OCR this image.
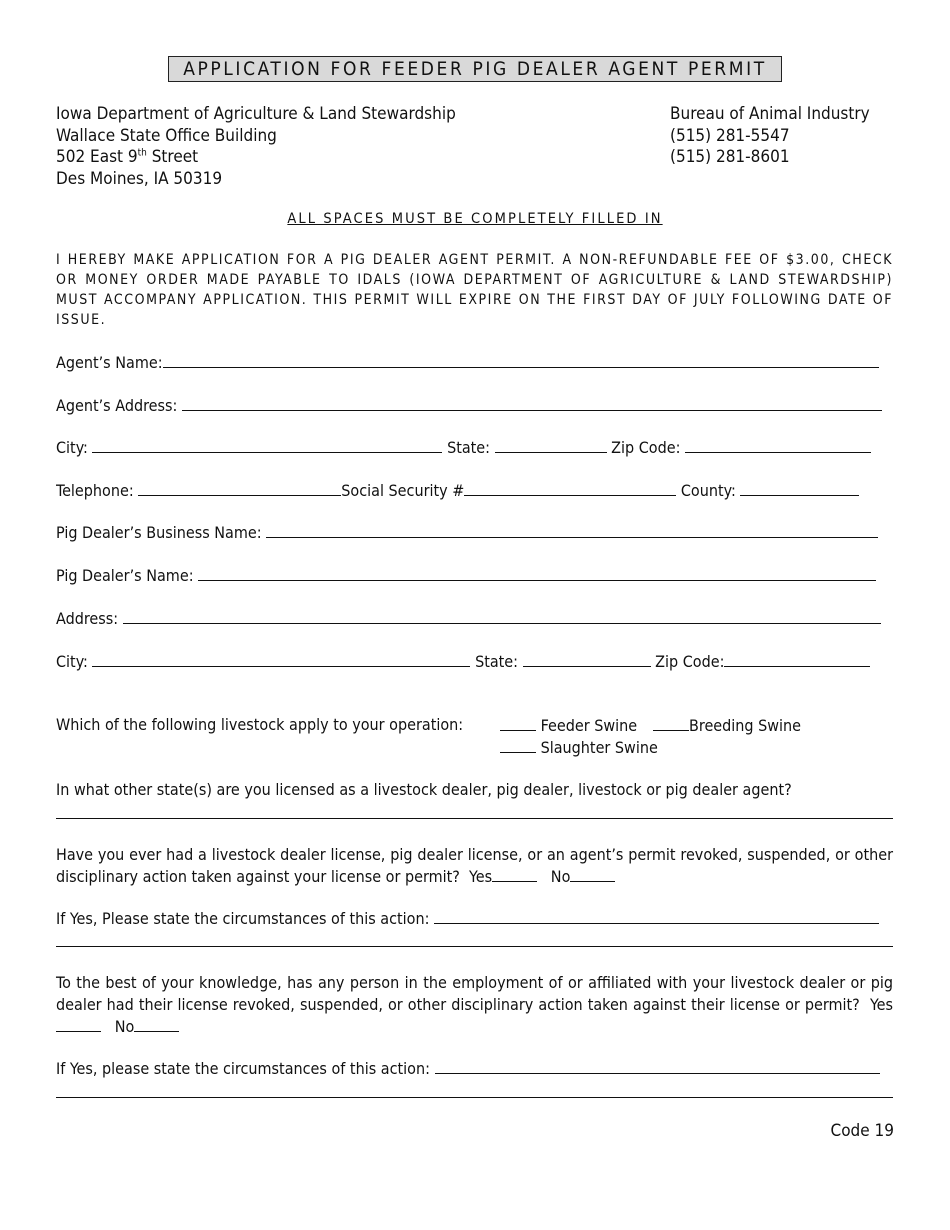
APPLICATION FOR FEEDER PIG DEALER AGENT PERMIT
Iowa Department of Agriculture & Land Stewardship
Wallace State Office Building
502 East 9th Street
Des Moines, IA 50319
Bureau of Animal Industry
(515) 281-5547
(515) 281-8601
ALL SPACES MUST BE COMPLETELY FILLED IN
I HEREBY MAKE APPLICATION FOR A PIG DEALER AGENT PERMIT. A NON-REFUNDABLE FEE OF $3.00, CHECK OR MONEY ORDER MADE PAYABLE TO IDALS (IOWA DEPARTMENT OF AGRICULTURE & LAND STEWARDSHIP) MUST ACCOMPANY APPLICATION. THIS PERMIT WILL EXPIRE ON THE FIRST DAY OF JULY FOLLOWING DATE OF ISSUE.
Agent’s Name:
Agent’s Address:
City:	State:	Zip Code:
Telephone:	Social Security #	County:
Pig Dealer’s Business Name:
Pig Dealer’s Name:
Address:
City:	State:	Zip Code:
Which of the following livestock apply to your operation:	Feeder Swine	Breeding Swine
Slaughter Swine
In what other state(s) are you licensed as a livestock dealer, pig dealer, livestock or pig dealer agent?
Have you ever had a livestock dealer license, pig dealer license, or an agent’s permit revoked, suspended, or other disciplinary action taken against your license or permit? Yes	No
If Yes, Please state the circumstances of this action:
To the best of your knowledge, has any person in the employment of or affiliated with your livestock dealer or pig dealer had their license revoked, suspended, or other disciplinary action taken against their license or permit? Yes   No
If Yes, please state the circumstances of this action:
Code 19
